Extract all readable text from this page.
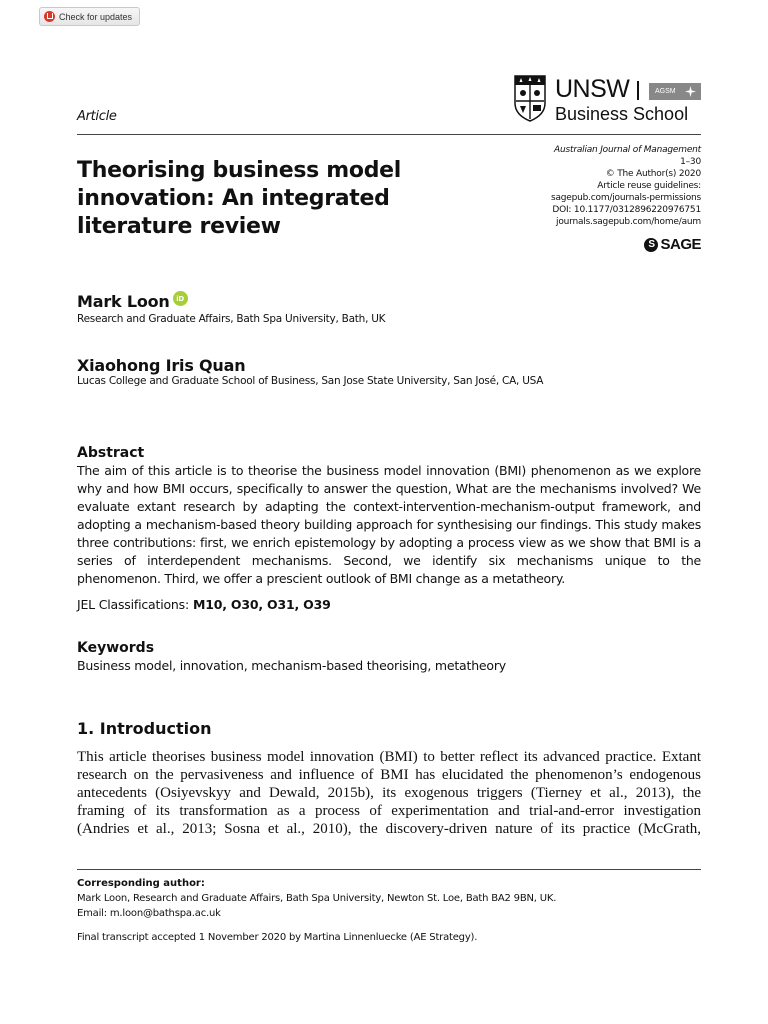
Check for updates
Article
UNSW	AGSM
Business School
Theorising business model
innovation: An integrated
literature review
Australian Journal of Management
1–30
© The Author(s) 2020
Article reuse guidelines:
sagepub.com/journals-permissions
DOI: 10.1177/0312896220976751
journals.sagepub.com/home/aum
S SAGE
Mark Loon iD
Research and Graduate Affairs, Bath Spa University, Bath, UK
Xiaohong Iris Quan
Lucas College and Graduate School of Business, San Jose State University, San José, CA, USA
Abstract
The aim of this article is to theorise the business model innovation (BMI) phenomenon as we explore why and how BMI occurs, specifically to answer the question, What are the mechanisms involved? We evaluate extant research by adapting the context-intervention-mechanism-output framework, and adopting a mechanism-based theory building approach for synthesising our findings. This study makes three contributions: first, we enrich epistemology by adopting a process view as we show that BMI is a series of interdependent mechanisms. Second, we identify six mechanisms unique to the phenomenon. Third, we offer a prescient outlook of BMI change as a metatheory.
JEL Classifications: M10, O30, O31, O39
Keywords
Business model, innovation, mechanism-based theorising, metatheory
1. Introduction
This article theorises business model innovation (BMI) to better reflect its advanced practice. Extant
research on the pervasiveness and influence of BMI has elucidated the phenomenon’s endogenous
antecedents (Osiyevskyy and Dewald, 2015b), its exogenous triggers (Tierney et al., 2013), the
framing of its transformation as a process of experimentation and trial-and-error investigation
(Andries et al., 2013; Sosna et al., 2010), the discovery-driven nature of its practice (McGrath,
Corresponding author:
Mark Loon, Research and Graduate Affairs, Bath Spa University, Newton St. Loe, Bath BA2 9BN, UK.
Email: m.loon@bathspa.ac.uk
Final transcript accepted 1 November 2020 by Martina Linnenluecke (AE Strategy).
